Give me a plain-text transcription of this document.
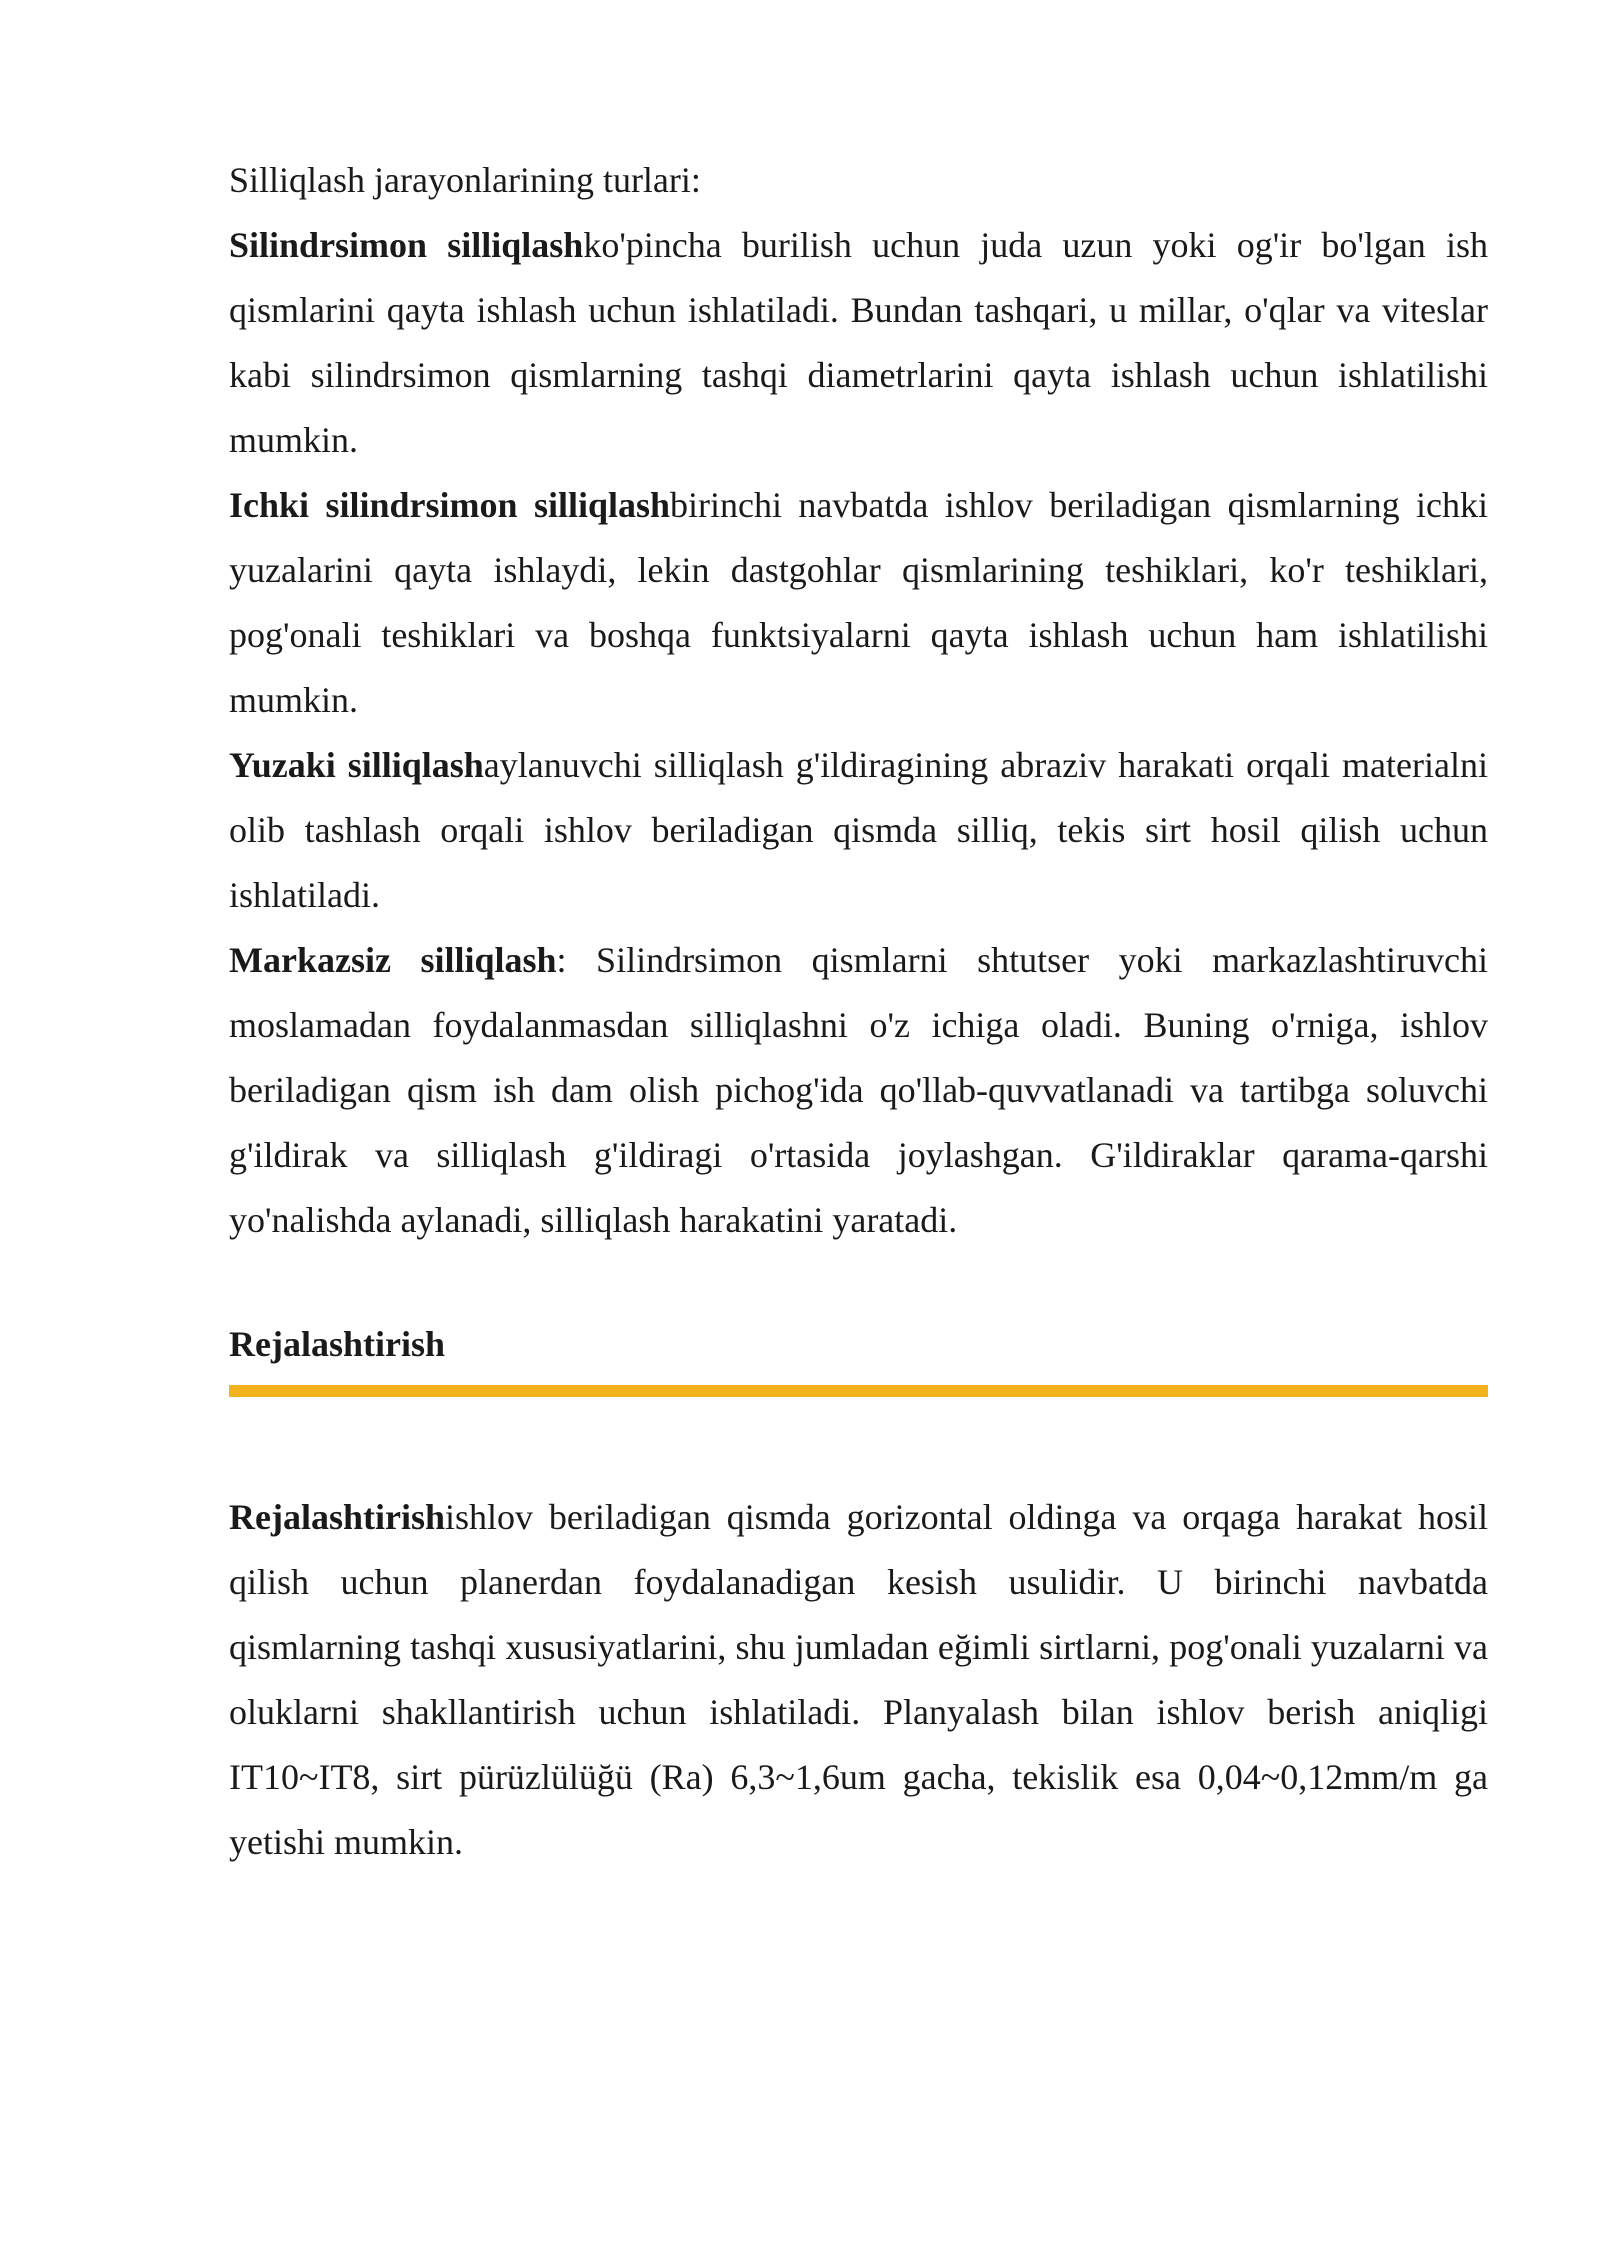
Silliqlash jarayonlarining turlari:

Silindrsimon silliqlashko'pincha burilish uchun juda uzun yoki og'ir bo'lgan ish qismlarini qayta ishlash uchun ishlatiladi. Bundan tashqari, u millar, o'qlar va viteslar kabi silindrsimon qismlarning tashqi diametrlarini qayta ishlash uchun ishlatilishi mumkin.

Ichki silindrsimon silliqlashbirinchi navbatda ishlov beriladigan qismlarning ichki yuzalarini qayta ishlaydi, lekin dastgohlar qismlarining teshiklari, ko'r teshiklari, pog'onali teshiklari va boshqa funktsiyalarni qayta ishlash uchun ham ishlatilishi mumkin.

Yuzaki silliqlashaylanuvchi silliqlash g'ildiragining abraziv harakati orqali materialni olib tashlash orqali ishlov beriladigan qismda silliq, tekis sirt hosil qilish uchun ishlatiladi.

Markazsiz silliqlash: Silindrsimon qismlarni shtutser yoki markazlashtiruvchi moslamadan foydalanmasdan silliqlashni o'z ichiga oladi. Buning o'rniga, ishlov beriladigan qism ish dam olish pichog'ida qo'llab-quvvatlanadi va tartibga soluvchi g'ildirak va silliqlash g'ildiragi o'rtasida joylashgan. G'ildiraklar qarama-qarshi yo'nalishda aylanadi, silliqlash harakatini yaratadi.

Rejalashtirish

Rejalashtirishishlov beriladigan qismda gorizontal oldinga va orqaga harakat hosil qilish uchun planerdan foydalanadigan kesish usulidir. U birinchi navbatda qismlarning tashqi xususiyatlarini, shu jumladan eğimli sirtlarni, pog'onali yuzalarni va oluklarni shakllantirish uchun ishlatiladi. Planyalash bilan ishlov berish aniqligi IT10~IT8, sirt pürüzlülüğü (Ra) 6,3~1,6um gacha, tekislik esa 0,04~0,12mm/m ga yetishi mumkin.
